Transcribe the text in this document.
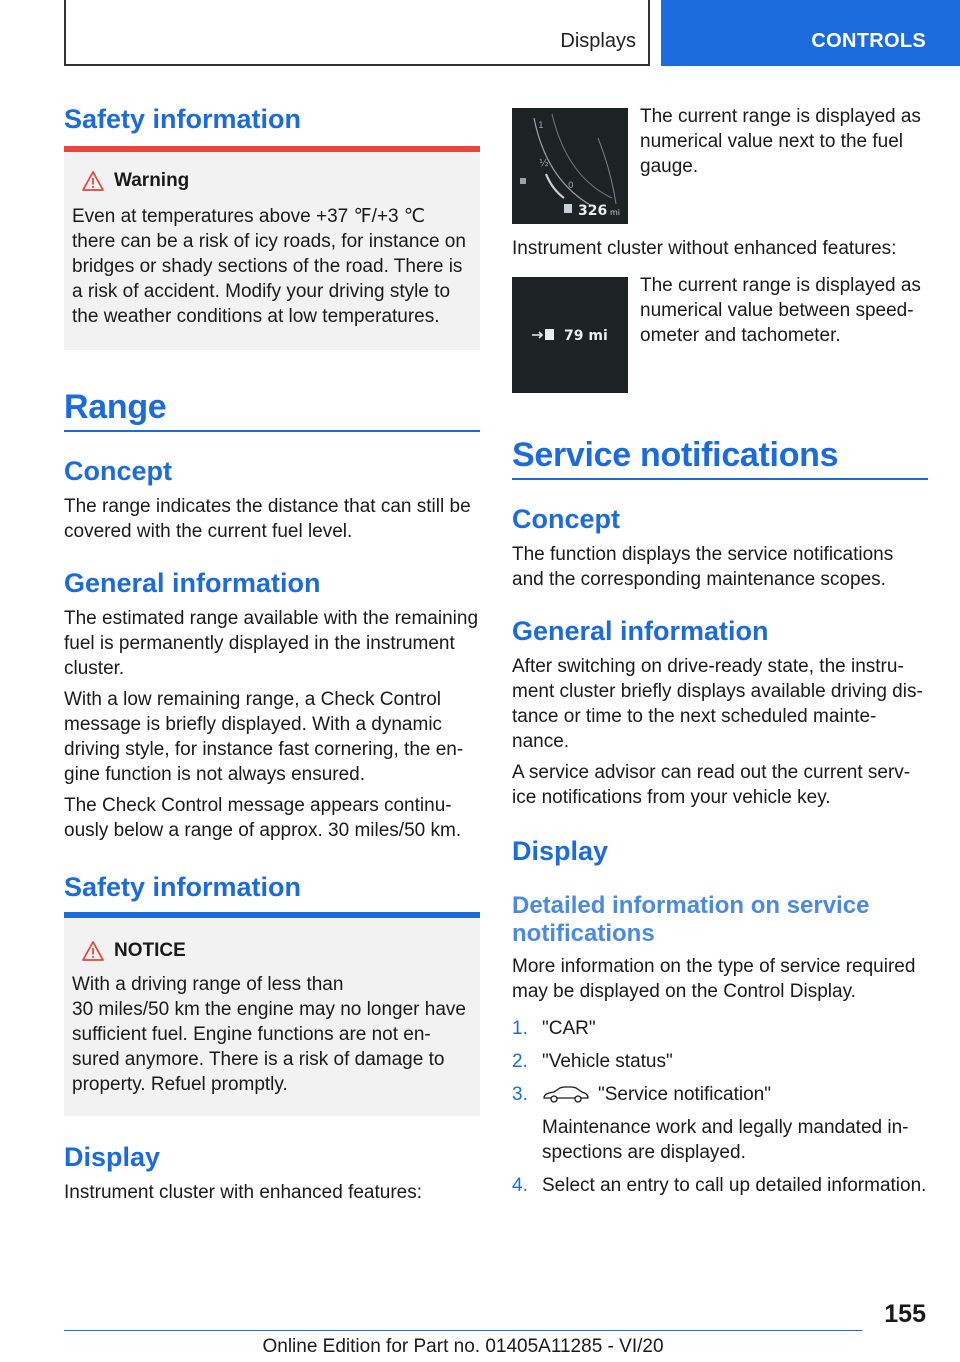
Displays	CONTROLS
Safety information
Warning
Even at temperatures above +37 ℉/+3 ℃
there can be a risk of icy roads, for instance on
bridges or shady sections of the road. There is
a risk of accident. Modify your driving style to
the weather conditions at low temperatures.
Range
Concept
The range indicates the distance that can still be
covered with the current fuel level.
General information
The estimated range available with the remaining
fuel is permanently displayed in the instrument
cluster.
With a low remaining range, a Check Control
message is briefly displayed. With a dynamic
driving style, for instance fast cornering, the en-
gine function is not always ensured.
The Check Control message appears continu-
ously below a range of approx. 30 miles/50 km.
Safety information
NOTICE
With a driving range of less than
30 miles/50 km the engine may no longer have
sufficient fuel. Engine functions are not en-
sured anymore. There is a risk of damage to
property. Refuel promptly.
Display
Instrument cluster with enhanced features:
1
½
0
326 mi
The current range is displayed as
numerical value next to the fuel
gauge.
Instrument cluster without enhanced features:
79 mi
The current range is displayed as
numerical value between speed-
ometer and tachometer.
Service notifications
Concept
The function displays the service notifications
and the corresponding maintenance scopes.
General information
After switching on drive-ready state, the instru-
ment cluster briefly displays available driving dis-
tance or time to the next scheduled mainte-
nance.
A service advisor can read out the current serv-
ice notifications from your vehicle key.
Display
Detailed information on service
notifications
More information on the type of service required
may be displayed on the Control Display.
1. "CAR"
2. "Vehicle status"
3.	"Service notification"
Maintenance work and legally mandated in-
spections are displayed.
4. Select an entry to call up detailed information.
155
Online Edition for Part no. 01405A11285 - VI/20
